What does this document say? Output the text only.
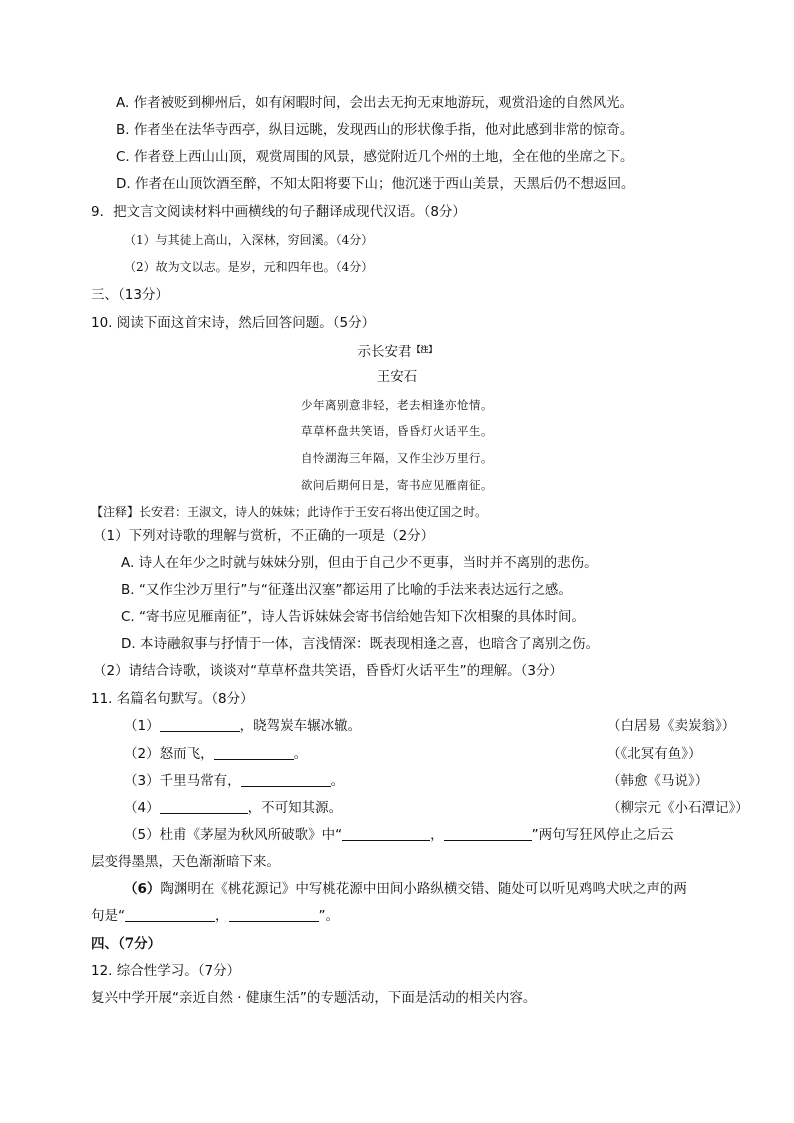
A. 作者被贬到柳州后，如有闲暇时间，会出去无拘无束地游玩，观赏沿途的自然风光。
B. 作者坐在法华寺西亭，纵目远眺，发现西山的形状像手指，他对此感到非常的惊奇。
C. 作者登上西山山顶，观赏周围的风景，感觉附近几个州的土地，全在他的坐席之下。
D. 作者在山顶饮酒至醉，不知太阳将要下山；他沉迷于西山美景，天黑后仍不想返回。
9．把文言文阅读材料中画横线的句子翻译成现代汉语。（8分）
（1）与其徒上高山，入深林，穷回溪。（4分）
（2）故为文以志。是岁，元和四年也。（4分）
三、（13分）
10. 阅读下面这首宋诗，然后回答问题。（5分）
示长安君$^{【注】}$
王安石
少年离别意非轻，老去相逢亦怆情。
草草杯盘共笑语，昏昏灯火话平生。
自怜湖海三年隔，又作尘沙万里行。
欲问后期何日是，寄书应见雁南征。
【注释】长安君：王淑文，诗人的妹妹；此诗作于王安石将出使辽国之时。
（1）下列对诗歌的理解与赏析，不正确的一项是（2分）
A. 诗人在年少之时就与妹妹分别，但由于自己少不更事，当时并不离别的悲伤。
B. “又作尘沙万里行”与“征蓬出汉塞”都运用了比喻的手法来表达远行之感。
C. “寄书应见雁南征”，诗人告诉妹妹会寄书信给她告知下次相聚的具体时间。
D. 本诗融叙事与抒情于一体，言浅情深：既表现相逢之喜，也暗含了离别之伤。
（2）请结合诗歌，谈谈对“草草杯盘共笑语，昏昏灯火话平生”的理解。（3分）
11. 名篇名句默写。（8分）
（1）	，晓驾炭车辗冰辙。	（白居易《卖炭翁》）
（2）怒而飞，	。	（《北冥有鱼》）
（3）千里马常有，	。	（韩愈《马说》）
（4）	，不可知其源。	（柳宗元《小石潭记》）
（5）杜甫《茅屋为秋风所破歌》中“	，	”两句写狂风停止之后云
层变得墨黑，天色渐渐暗下来。
（6）陶渊明在《桃花源记》中写桃花源中田间小路纵横交错、随处可以听见鸡鸣犬吠之声的两
句是“	，	”。
四、（7分）
12. 综合性学习。（7分）
复兴中学开展“亲近自然 · 健康生活”的专题活动，下面是活动的相关内容。
